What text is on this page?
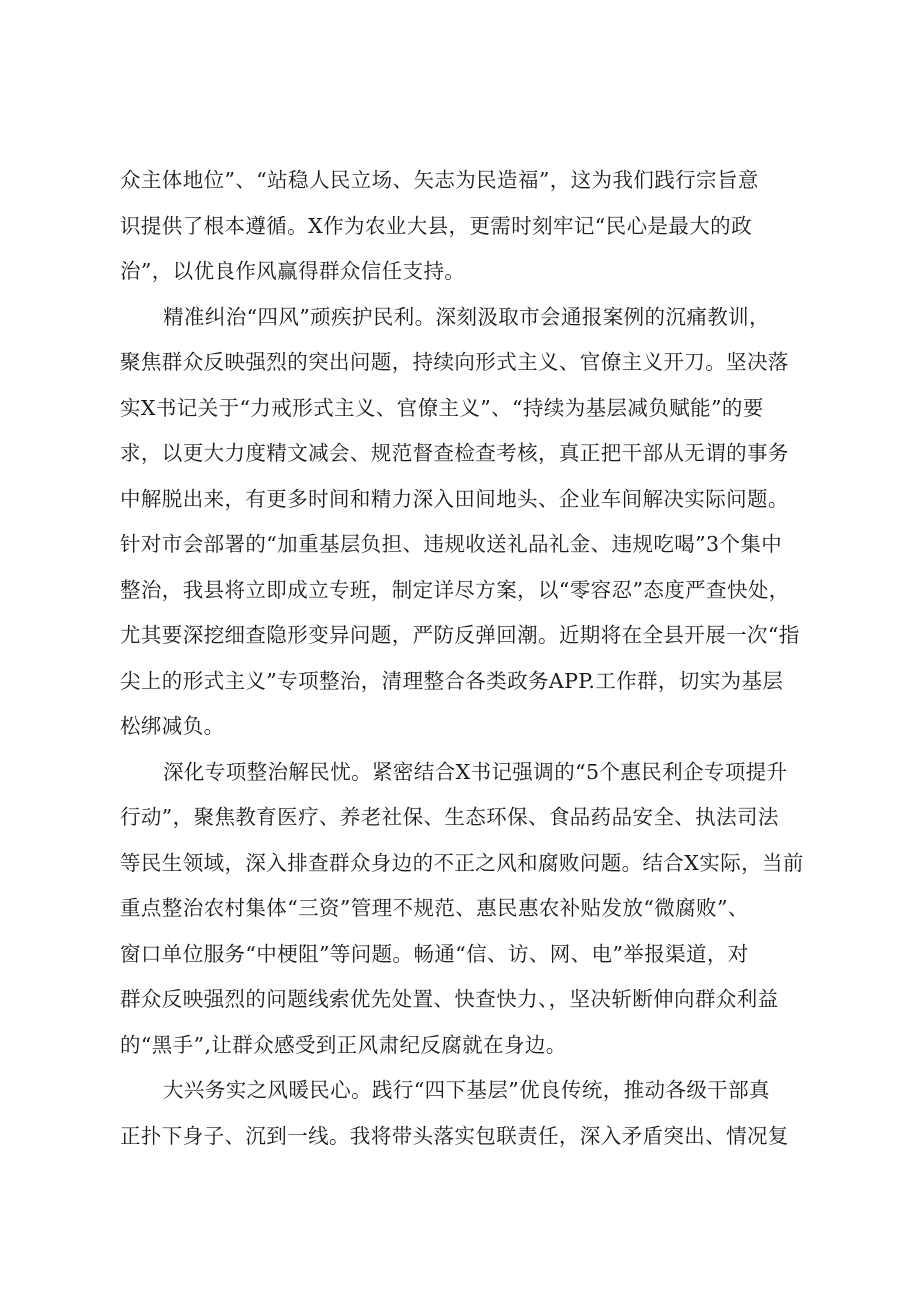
众主体地位”、“站稳人民立场、矢志为民造福”，这为我们践行宗旨意
识提供了根本遵循。X作为农业大县，更需时刻牢记“民心是最大的政
治”，以优良作风赢得群众信任支持。
精准纠治“四风”顽疾护民利。深刻汲取市会通报案例的沉痛教训，
聚焦群众反映强烈的突出问题，持续向形式主义、官僚主义开刀。坚决落
实X书记关于“力戒形式主义、官僚主义”、“持续为基层减负赋能”的要
求，以更大力度精文减会、规范督查检查考核，真正把干部从无谓的事务
中解脱出来，有更多时间和精力深入田间地头、企业车间解决实际问题。
针对市会部署的“加重基层负担、违规收送礼品礼金、违规吃喝”3个集中
整治，我县将立即成立专班，制定详尽方案，以“零容忍”态度严查快处，
尤其要深挖细查隐形变异问题，严防反弹回潮。近期将在全县开展一次“指
尖上的形式主义”专项整治，清理整合各类政务APP.工作群，切实为基层
松绑减负。
深化专项整治解民忧。紧密结合X书记强调的“5个惠民利企专项提升
行动”，聚焦教育医疗、养老社保、生态环保、食品药品安全、执法司法
等民生领域，深入排查群众身边的不正之风和腐败问题。结合X实际，当前
重点整治农村集体“三资”管理不规范、惠民惠农补贴发放“微腐败”、
窗口单位服务“中梗阻”等问题。畅通“信、访、网、电”举报渠道，对
群众反映强烈的问题线索优先处置、快查快力、，坚决斩断伸向群众利益
的“黑手”,让群众感受到正风肃纪反腐就在身边。
大兴务实之风暖民心。践行“四下基层”优良传统，推动各级干部真
正扑下身子、沉到一线。我将带头落实包联责任，深入矛盾突出、情况复
